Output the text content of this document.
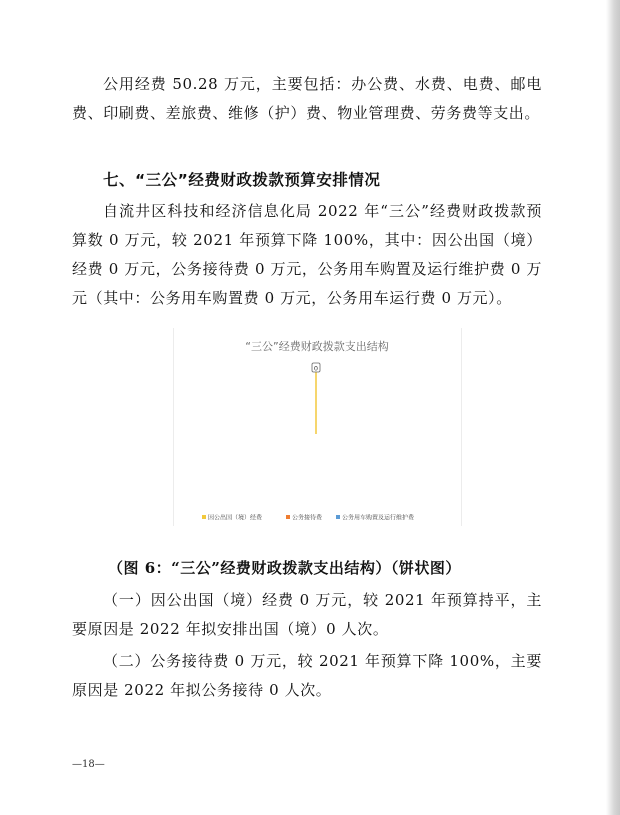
公用经费 50.28 万元，主要包括：办公费、水费、电费、邮电费、印刷费、差旅费、维修（护）费、物业管理费、劳务费等支出。
七、“三公”经费财政拨款预算安排情况
自流井区科技和经济信息化局 2022 年“三公”经费财政拨款预算数 0 万元，较 2021 年预算下降 100%，其中：因公出国（境）经费 0 万元，公务接待费 0 万元，公务用车购置及运行维护费 0 万元（其中：公务用车购置费 0 万元，公务用车运行费 0 万元）。
“三公”经费财政拨款支出结构
0
因公出国（境）经费	公务接待费	公务用车购置及运行维护费
（图 6：“三公”经费财政拨款支出结构）（饼状图）
（一）因公出国（境）经费 0 万元，较 2021 年预算持平，主要原因是 2022 年拟安排出国（境）0 人次。
（二）公务接待费 0 万元，较 2021 年预算下降 100%，主要原因是 2022 年拟公务接待 0 人次。
—18—
